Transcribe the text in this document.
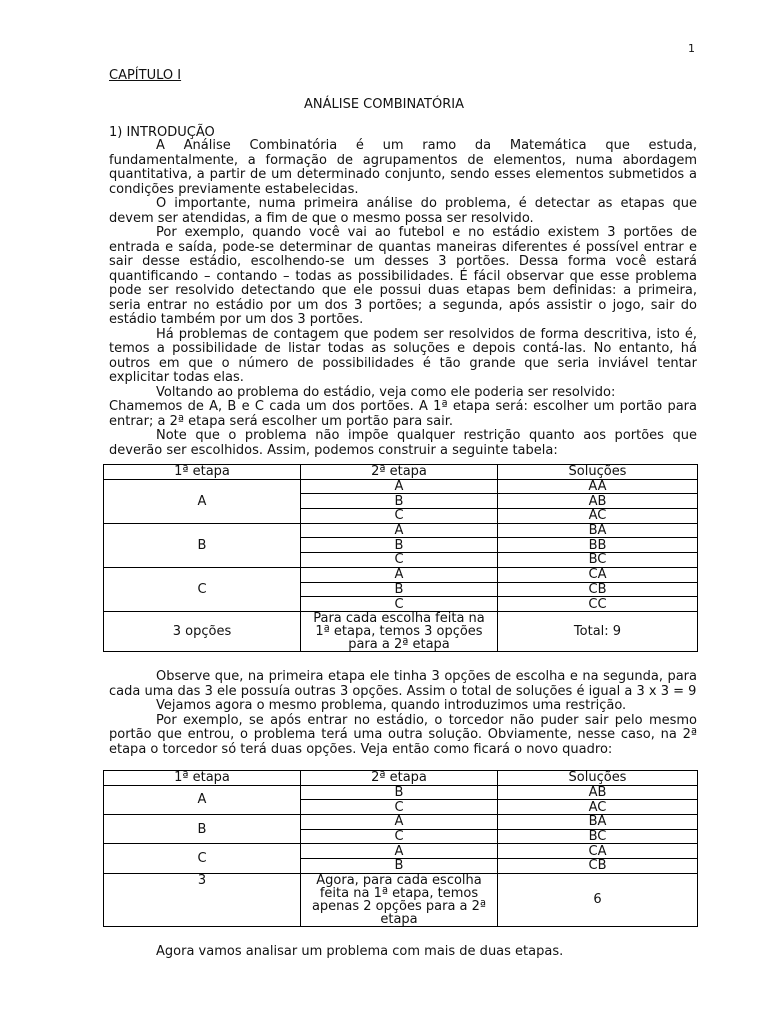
1
CAPÍTULO I
ANÁLISE COMBINATÓRIA
1) INTRODUÇÃO

A Análise Combinatória é um ramo da Matemática que estuda, fundamentalmente, a formação de agrupamentos de elementos, numa abordagem quantitativa, a partir de um determinado conjunto, sendo esses elementos submetidos a condições previamente estabelecidas.

O importante, numa primeira análise do problema, é detectar as etapas que devem ser atendidas, a fim de que o mesmo possa ser resolvido.

Por exemplo, quando você vai ao futebol e no estádio existem 3 portões de entrada e saída, pode-se determinar de quantas maneiras diferentes é possível entrar e sair desse estádio, escolhendo-se um desses 3 portões. Dessa forma você estará quantificando – contando – todas as possibilidades. É fácil observar que esse problema pode ser resolvido detectando que ele possui duas etapas bem definidas: a primeira, seria entrar no estádio por um dos 3 portões; a segunda, após assistir o jogo, sair do estádio também por um dos 3 portões.

Há problemas de contagem que podem ser resolvidos de forma descritiva, isto é, temos a possibilidade de listar todas as soluções e depois contá-las. No entanto, há outros em que o número de possibilidades é tão grande que seria inviável tentar explicitar todas elas.

Voltando ao problema do estádio, veja como ele poderia ser resolvido:

Chamemos de A, B e C cada um dos portões. A 1ª etapa será: escolher um portão para entrar; a 2ª etapa será escolher um portão para sair.

Note que o problema não impõe qualquer restrição quanto aos portões que deverão ser escolhidos. Assim, podemos construir a seguinte tabela:

1ª etapa	2ª etapa	Soluções
A	A	AA
	B	AB
	C	AC
B	A	BA
	B	BB
	C	BC
C	A	CA
	B	CB
	C	CC
3 opções	Para cada escolha feita na 1ª etapa, temos 3 opções para a 2ª etapa	Total: 9

Observe que, na primeira etapa ele tinha 3 opções de escolha e na segunda, para cada uma das 3 ele possuía outras 3 opções. Assim o total de soluções é igual a 3 x 3 = 9

Vejamos agora o mesmo problema, quando introduzimos uma restrição.

Por exemplo, se após entrar no estádio, o torcedor não puder sair pelo mesmo portão que entrou, o problema terá uma outra solução. Obviamente, nesse caso, na 2ª etapa o torcedor só terá duas opções. Veja então como ficará o novo quadro:

1ª etapa	2ª etapa	Soluções
A	B	AB
	C	AC
B	A	BA
	C	BC
C	A	CA
	B	CB
3	Agora, para cada escolha feita na 1ª etapa, temos apenas 2 opções para a 2ª etapa	6

Agora vamos analisar um problema com mais de duas etapas.
